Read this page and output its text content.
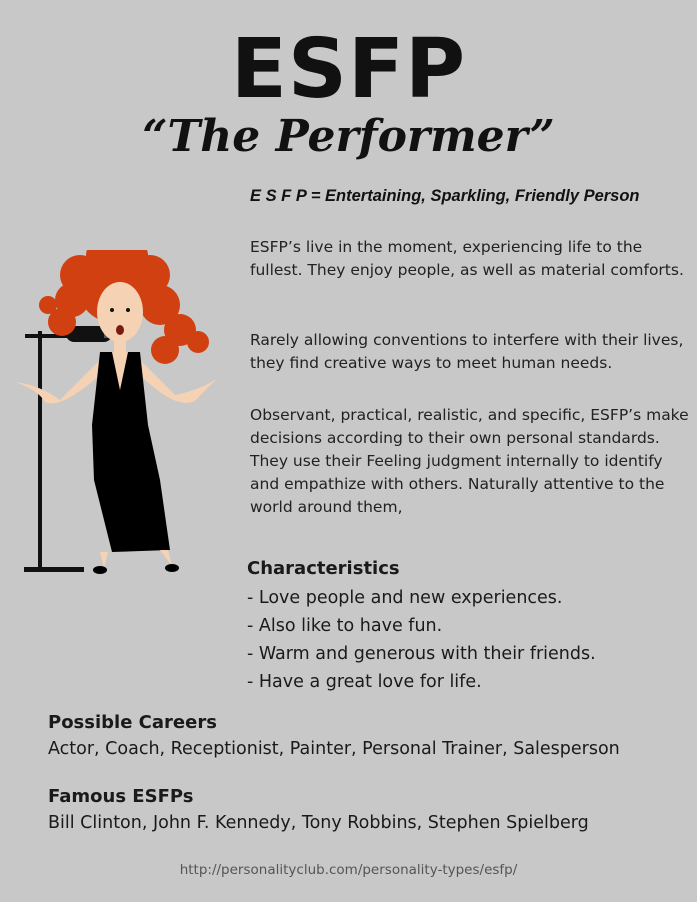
ESFP
“The Performer”
E S F P = Entertaining, Sparkling, Friendly Person

ESFP’s live in the moment, experiencing life to the fullest. They enjoy people, as well as material comforts.

Rarely allowing conventions to interfere with their lives, they find creative ways to meet human needs.

Observant, practical, realistic, and specific, ESFP’s make decisions according to their own personal standards. They use their Feeling judgment internally to identify and empathize with others. Naturally attentive to the world around them,

Characteristics
- Love people and new experiences.
- Also like to have fun.
- Warm and generous with their friends.
- Have a great love for life.
Possible Careers
Actor, Coach, Receptionist, Painter, Personal Trainer, Salesperson
Famous ESFPs
Bill Clinton, John F. Kennedy, Tony Robbins, Stephen Spielberg
http://personalityclub.com/personality-types/esfp/
